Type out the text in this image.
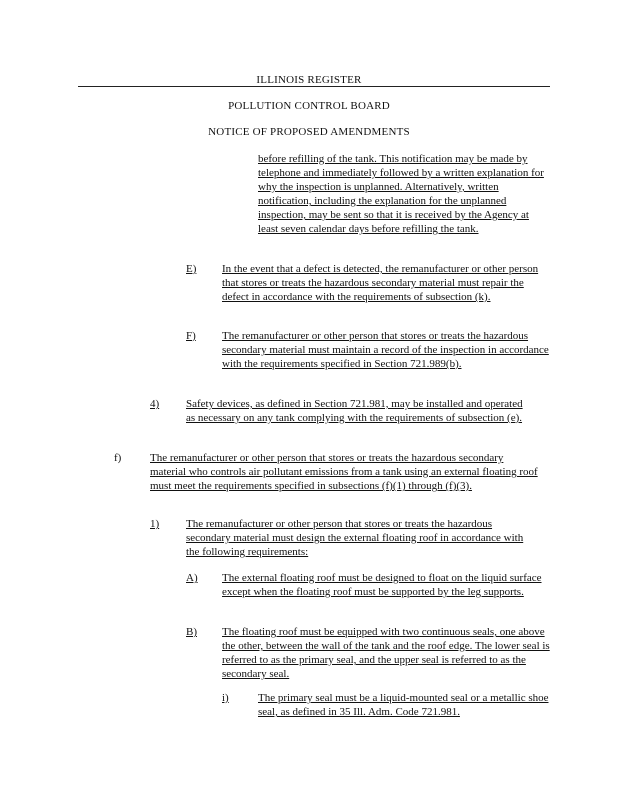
ILLINOIS REGISTER
POLLUTION CONTROL BOARD
NOTICE OF PROPOSED AMENDMENTS
before refilling of the tank. This notification may be made by telephone and immediately followed by a written explanation for why the inspection is unplanned. Alternatively, written notification, including the explanation for the unplanned inspection, may be sent so that it is received by the Agency at least seven calendar days before refilling the tank.
E) In the event that a defect is detected, the remanufacturer or other person that stores or treats the hazardous secondary material must repair the defect in accordance with the requirements of subsection (k).
F) The remanufacturer or other person that stores or treats the hazardous secondary material must maintain a record of the inspection in accordance with the requirements specified in Section 721.989(b).
4) Safety devices, as defined in Section 721.981, may be installed and operated as necessary on any tank complying with the requirements of subsection (e).
f)	The remanufacturer or other person that stores or treats the hazardous secondary material who controls air pollutant emissions from a tank using an external floating roof must meet the requirements specified in subsections (f)(1) through (f)(3).
1) The remanufacturer or other person that stores or treats the hazardous secondary material must design the external floating roof in accordance with the following requirements:
A) The external floating roof must be designed to float on the liquid surface except when the floating roof must be supported by the leg supports.
B) The floating roof must be equipped with two continuous seals, one above the other, between the wall of the tank and the roof edge. The lower seal is referred to as the primary seal, and the upper seal is referred to as the secondary seal.
i)	The primary seal must be a liquid-mounted seal or a metallic shoe seal, as defined in 35 Ill. Adm. Code 721.981.
